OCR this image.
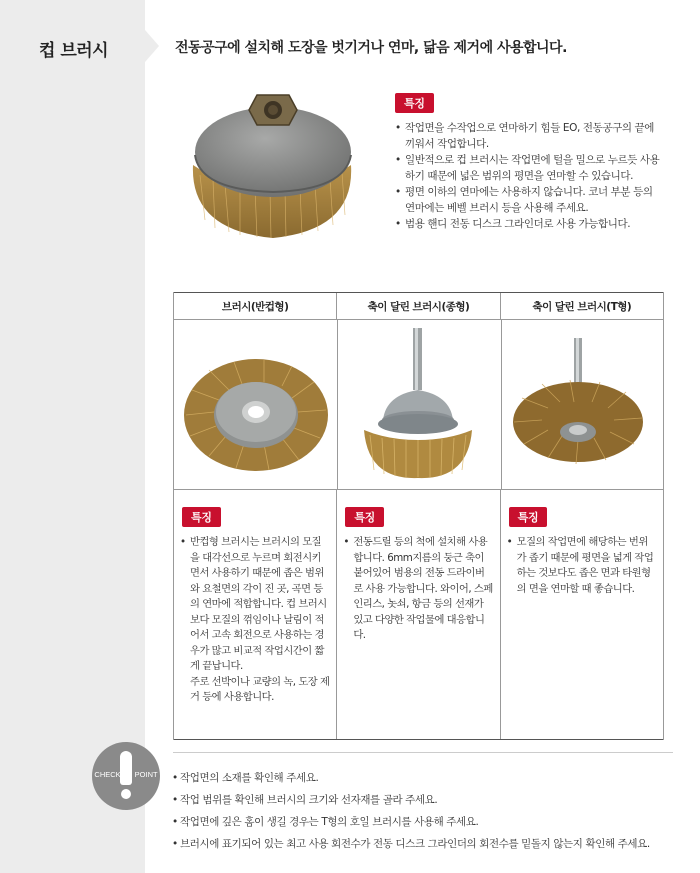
컵 브러시	전동공구에 설치해 도장을 벗기거나 연마, 닮음 제거에 사용합니다.
특징
• 작업면을 수작업으로 연마하기 힘들 EO, 전동공구의 끝에 끼워서 작업합니다.
• 일반적으로 컵 브러시는 작업면에 털을 밀으로 누르듯 사용하기 때문에 넓은 범위의 평면을 연마할 수 있습니다.
• 평면 이하의 연마에는 사용하지 않습니다. 코너 부분 등의 연마에는 베벨 브러시 등을 사용해 주세요.
• 범용 핸디 전동 디스크 그라인더로 사용 가능합니다.
브러시(반컵형)	축이 달린 브러시(종형)	축이 달린 브러시(T형)
특징
• 반컵형 브러시는 브러시의 모질을 대각선으로 누르며 회전시키면서 사용하기 때문에 좁은 범위와 요철면의 각이 진 곳, 곡면 등의 연마에 적합합니다. 컵 브러시보다 모질의 꺾임이나 날림이 적어서 고속 회전으로 사용하는 경우가 많고 비교적 작업시간이 짧게 끝납니다.
주로 선박이나 교량의 녹, 도장 제거 등에 사용합니다.
특징
• 전동드릴 등의 척에 설치해 사용합니다. 6mm지름의 둥근 축이 붙어있어 범용의 전동 드라이버로 사용 가능합니다. 와이어, 스페인리스, 놋쇠, 항금 등의 선재가 있고 다양한 작업물에 대응합니다.
특징
• 모질의 작업면에 해당하는 번위가 좁기 때문에 평면을 넓게 작업하는 것보다도 좁은 면과 타원형의 면을 연마할 때 좋습니다.
CHECK POINT
•	작업면의 소재를 확인해 주세요.
• 작업 범위를 확인해 브러시의 크기와 선자재를 골라 주세요.
• 작업면에 깊은 홈이 생길 경우는 T형의 호일 브러시를 사용해 주세요.
• 브러시에 표기되어 있는 최고 사용 회전수가 전동 디스크 그라인더의 회전수를 밑돌지 않는지 확인해 주세요.
